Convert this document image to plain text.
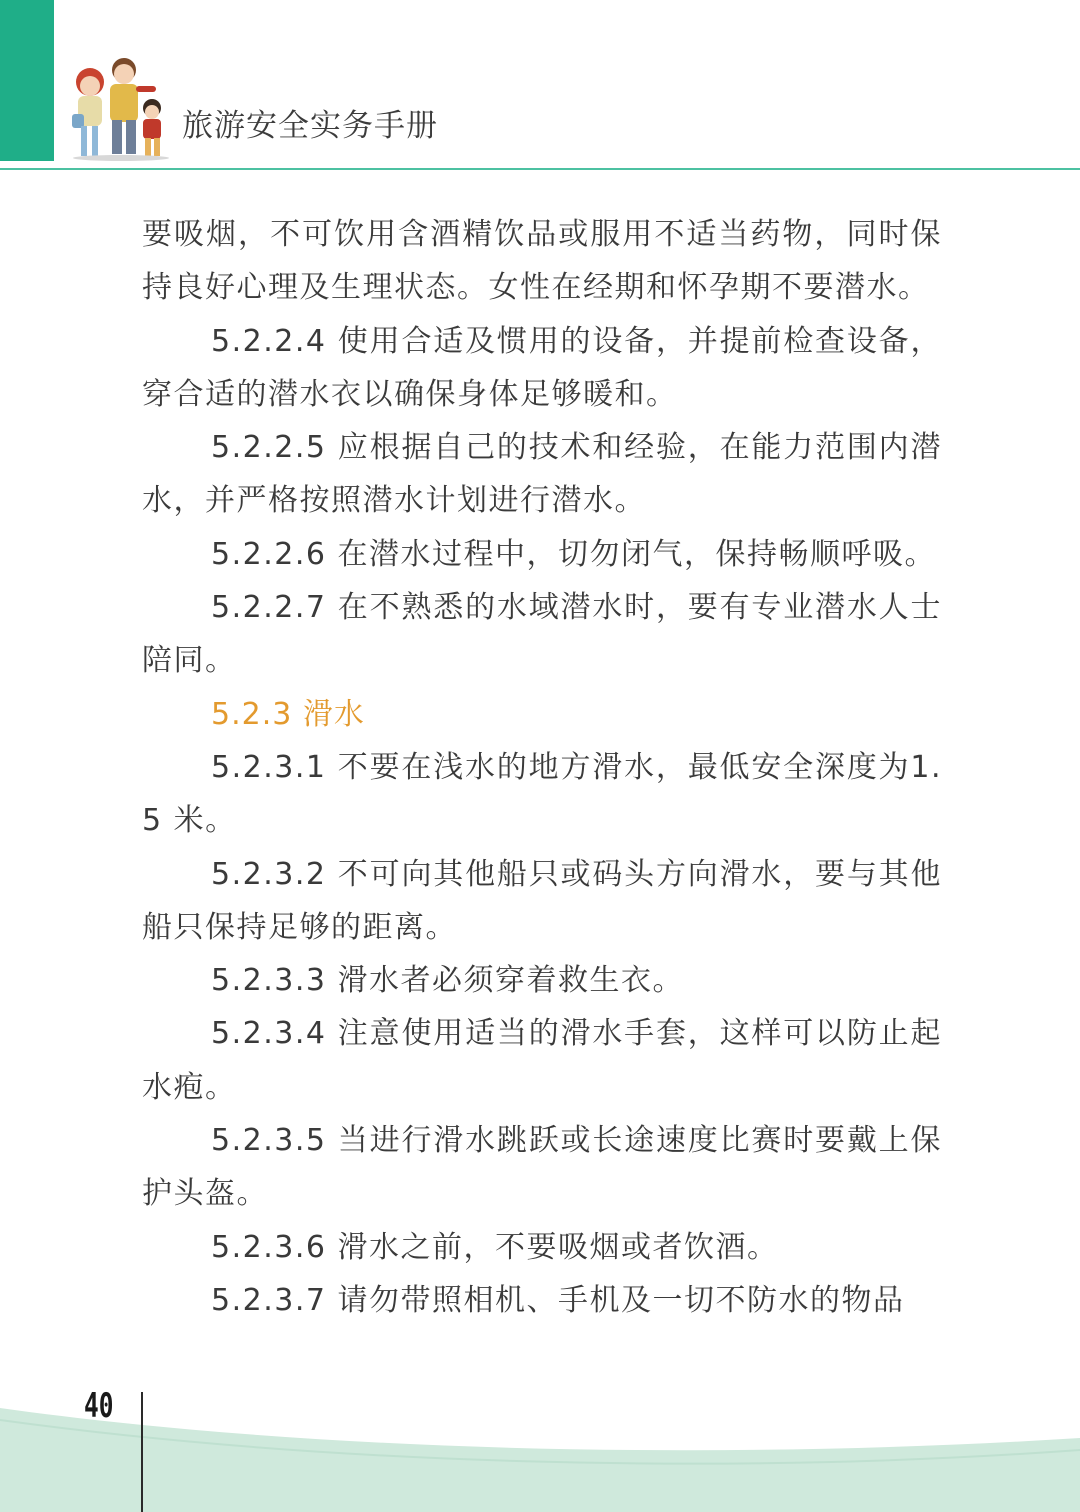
旅游安全实务手册

要吸烟，不可饮用含酒精饮品或服用不适当药物，同时保持良好心理及生理状态。女性在经期和怀孕期不要潜水。

5.2.2.4 使用合适及惯用的设备，并提前检查设备，穿合适的潜水衣以确保身体足够暖和。

5.2.2.5 应根据自己的技术和经验，在能力范围内潜水，并严格按照潜水计划进行潜水。

5.2.2.6 在潜水过程中，切勿闭气，保持畅顺呼吸。

5.2.2.7 在不熟悉的水域潜水时，要有专业潜水人士陪同。

5.2.3 滑水

5.2.3.1 不要在浅水的地方滑水，最低安全深度为1.5 米。

5.2.3.2 不可向其他船只或码头方向滑水，要与其他船只保持足够的距离。

5.2.3.3 滑水者必须穿着救生衣。

5.2.3.4 注意使用适当的滑水手套，这样可以防止起水疱。

5.2.3.5 当进行滑水跳跃或长途速度比赛时要戴上保护头盔。

5.2.3.6 滑水之前，不要吸烟或者饮酒。

5.2.3.7 请勿带照相机、手机及一切不防水的物品

40
